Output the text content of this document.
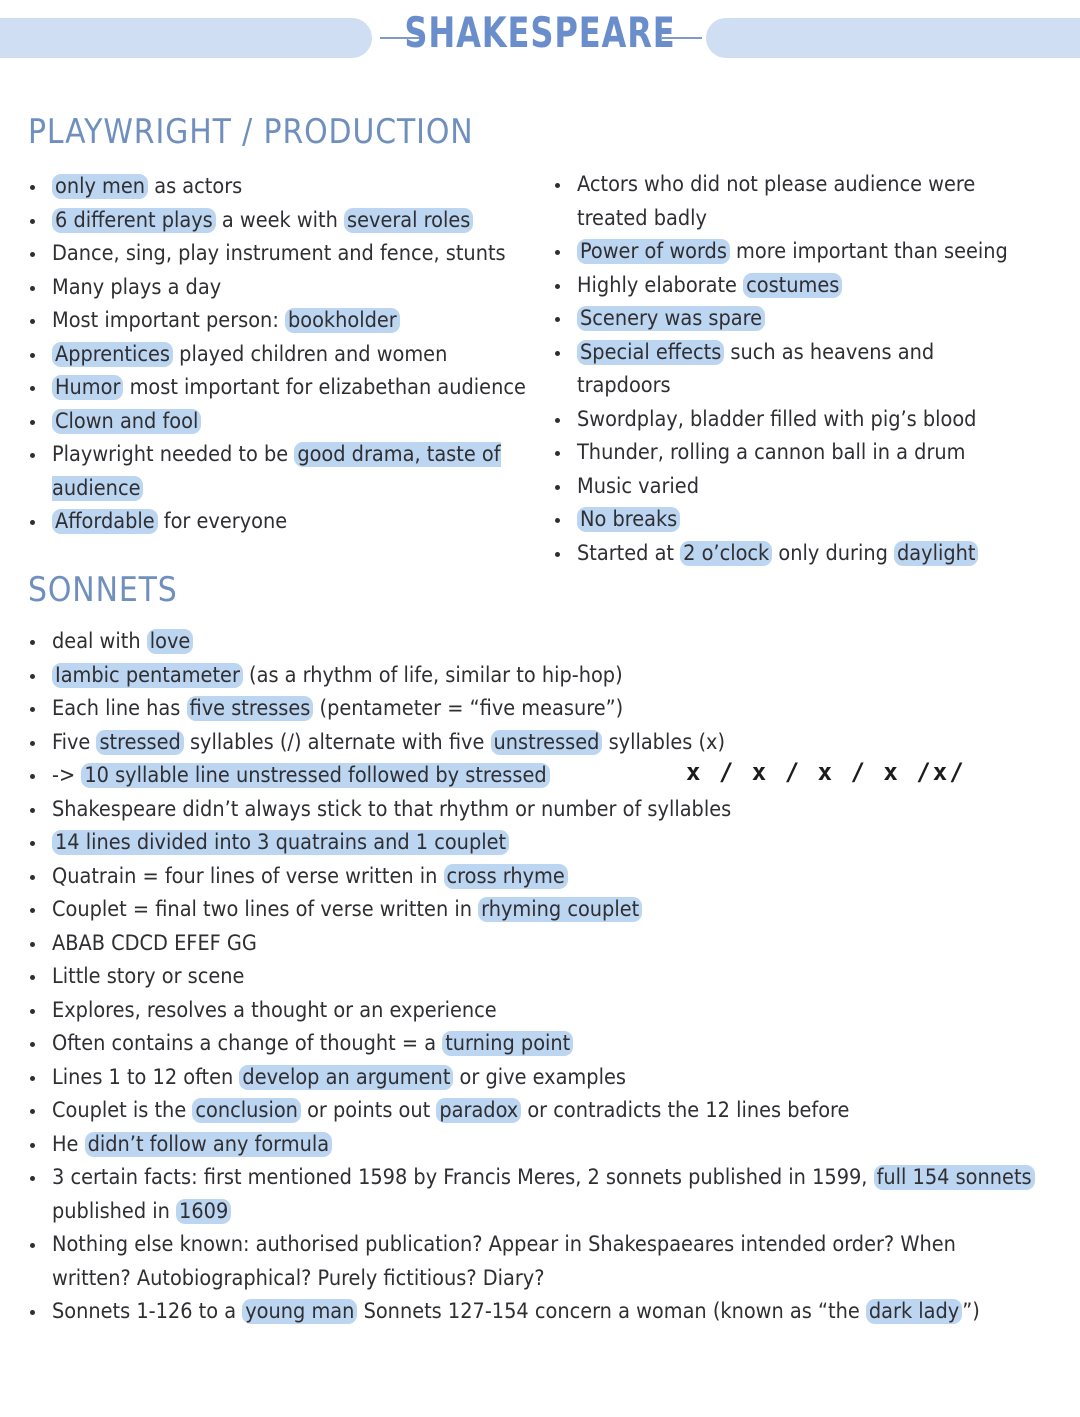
SHAKESPEARE
PLAYWRIGHT / PRODUCTION
only men as actors
6 different plays a week with several roles
Dance, sing, play instrument and fence, stunts
Many plays a day
Most important person: bookholder
Apprentices played children and women
Humor most important for elizabethan audience
Clown and fool
Playwright needed to be good drama, taste of audience
Affordable for everyone
Actors who did not please audience were treated badly
Power of words more important than seeing
Highly elaborate costumes
Scenery was spare
Special effects such as heavens and trapdoors
Swordplay, bladder filled with pig’s blood
Thunder, rolling a cannon ball in a drum
Music varied
No breaks
Started at 2 o’clock only during daylight
SONNETS
deal with love
Iambic pentameter (as a rhythm of life, similar to hip-hop)
Each line has five stresses (pentameter = “five measure”)
Five stressed syllables (/) alternate with five unstressed syllables (x)
-> 10 syllable line unstressed followed by stressed
Shakespeare didn’t always stick to that rhythm or number of syllables
14 lines divided into 3 quatrains and 1 couplet
Quatrain = four lines of verse written in cross rhyme
Couplet = final two lines of verse written in rhyming couplet
ABAB CDCD EFEF GG
Little story or scene
Explores, resolves a thought or an experience
Often contains a change of thought = a turning point
Lines 1 to 12 often develop an argument or give examples
Couplet is the conclusion or points out paradox or contradicts the 12 lines before
He didn’t follow any formula
3 certain facts: first mentioned 1598 by Francis Meres, 2 sonnets published in 1599, full 154 sonnets published in 1609
Nothing else known: authorised publication? Appear in Shakespaeares intended order? When written? Autobiographical? Purely fictitious? Diary?
Sonnets 1-126 to a young man Sonnets 127-154 concern a woman (known as “the dark lady ”)
x / x / x / x /x/
